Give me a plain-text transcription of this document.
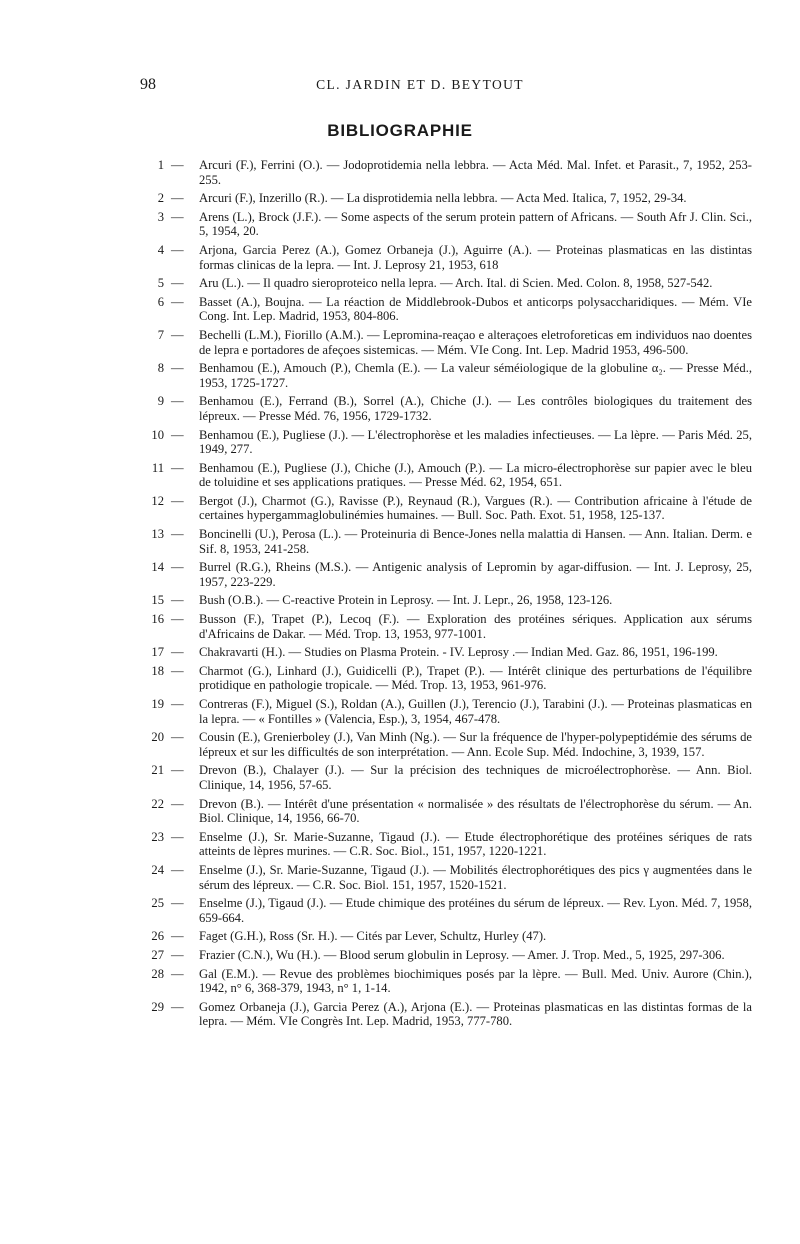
98	CL. JARDIN ET D. BEYTOUT
BIBLIOGRAPHIE
1 — Arcuri (F.), Ferrini (O.). — Jodoprotidemia nella lebbra. — Acta Méd. Mal. Infet. et Parasit., 7, 1952, 253-255.
2 — Arcuri (F.), Inzerillo (R.). — La disprotidemia nella lebbra. — Acta Med. Italica, 7, 1952, 29-34.
3 — Arens (L.), Brock (J.F.). — Some aspects of the serum protein pattern of Africans. — South Afr J. Clin. Sci., 5, 1954, 20.
4 — Arjona, Garcia Perez (A.), Gomez Orbaneja (J.), Aguirre (A.). — Proteinas plasmaticas en las distintas formas clinicas de la lepra. — Int. J. Leprosy 21, 1953, 618
5 — Aru (L.). — Il quadro sieroproteico nella lepra. — Arch. Ital. di Scien. Med. Colon. 8, 1958, 527-542.
6 — Basset (A.), Boujna. — La réaction de Middlebrook-Dubos et anticorps polysaccharidiques. — Mém. VIe Cong. Int. Lep. Madrid, 1953, 804-806.
7 — Bechelli (L.M.), Fiorillo (A.M.). — Lepromina-reaçao e alteraçoes eletroforeticas em individuos nao doentes de lepra e portadores de afeçoes sistemicas. — Mém. VIe Cong. Int. Lep. Madrid 1953, 496-500.
8 — Benhamou (E.), Amouch (P.), Chemla (E.). — La valeur séméiologique de la globuline α₂. — Presse Méd., 1953, 1725-1727.
9 — Benhamou (E.), Ferrand (B.), Sorrel (A.), Chiche (J.). — Les contrôles biologiques du traitement des lépreux. — Presse Méd. 76, 1956, 1729-1732.
10 — Benhamou (E.), Pugliese (J.). — L'électrophorèse et les maladies infectieuses. — La lèpre. — Paris Méd. 25, 1949, 277.
11 — Benhamou (E.), Pugliese (J.), Chiche (J.), Amouch (P.). — La micro-électrophorèse sur papier avec le bleu de toluidine et ses applications pratiques. — Presse Méd. 62, 1954, 651.
12 — Bergot (J.), Charmot (G.), Ravisse (P.), Reynaud (R.), Vargues (R.). — Contribution africaine à l'étude de certaines hypergammaglobulinémies humaines. — Bull. Soc. Path. Exot. 51, 1958, 125-137.
13 — Boncinelli (U.), Perosa (L.). — Proteinuria di Bence-Jones nella malattia di Hansen. — Ann. Italian. Derm. e Sif. 8, 1953, 241-258.
14 — Burrel (R.G.), Rheins (M.S.). — Antigenic analysis of Lepromin by agar-diffusion. — Int. J. Leprosy, 25, 1957, 223-229.
15 — Bush (O.B.). — C-reactive Protein in Leprosy. — Int. J. Lepr., 26, 1958, 123-126.
16 — Busson (F.), Trapet (P.), Lecoq (F.). — Exploration des protéines sériques. Application aux sérums d'Africains de Dakar. — Méd. Trop. 13, 1953, 977-1001.
17 — Chakravarti (H.). — Studies on Plasma Protein. - IV. Leprosy .— Indian Med. Gaz. 86, 1951, 196-199.
18 — Charmot (G.), Linhard (J.), Guidicelli (P.), Trapet (P.). — Intérêt clinique des perturbations de l'équilibre protidique en pathologie tropicale. — Méd. Trop. 13, 1953, 961-976.
19 — Contreras (F.), Miguel (S.), Roldan (A.), Guillen (J.), Terencio (J.), Tarabini (J.). — Proteinas plasmaticas en la lepra. — « Fontilles » (Valencia, Esp.), 3, 1954, 467-478.
20 — Cousin (E.), Grenierboley (J.), Van Minh (Ng.). — Sur la fréquence de l'hyper-polypeptidémie des sérums de lépreux et sur les difficultés de son interprétation. — Ann. Ecole Sup. Méd. Indochine, 3, 1939, 157.
21 — Drevon (B.), Chalayer (J.). — Sur la précision des techniques de microélectrophorèse. — Ann. Biol. Clinique, 14, 1956, 57-65.
22 — Drevon (B.). — Intérêt d'une présentation « normalisée » des résultats de l'électrophorèse du sérum. — An. Biol. Clinique, 14, 1956, 66-70.
23 — Enselme (J.), Sr. Marie-Suzanne, Tigaud (J.). — Etude électrophorétique des protéines sériques de rats atteints de lèpres murines. — C.R. Soc. Biol., 151, 1957, 1220-1221.
24 — Enselme (J.), Sr. Marie-Suzanne, Tigaud (J.). — Mobilités électrophorétiques des pics γ augmentées dans le sérum des lépreux. — C.R. Soc. Biol. 151, 1957, 1520-1521.
25 — Enselme (J.), Tigaud (J.). — Etude chimique des protéines du sérum de lépreux. — Rev. Lyon. Méd. 7, 1958, 659-664.
26 — Faget (G.H.), Ross (Sr. H.). — Cités par Lever, Schultz, Hurley (47).
27 — Frazier (C.N.), Wu (H.). — Blood serum globulin in Leprosy. — Amer. J. Trop. Med., 5, 1925, 297-306.
28 — Gal (E.M.). — Revue des problèmes biochimiques posés par la lèpre. — Bull. Med. Univ. Aurore (Chin.), 1942, n° 6, 368-379, 1943, n° 1, 1-14.
29 — Gomez Orbaneja (J.), Garcia Perez (A.), Arjona (E.). — Proteinas plasmaticas en las distintas formas de la lepra. — Mém. VIe Congrès Int. Lep. Madrid, 1953, 777-780.
